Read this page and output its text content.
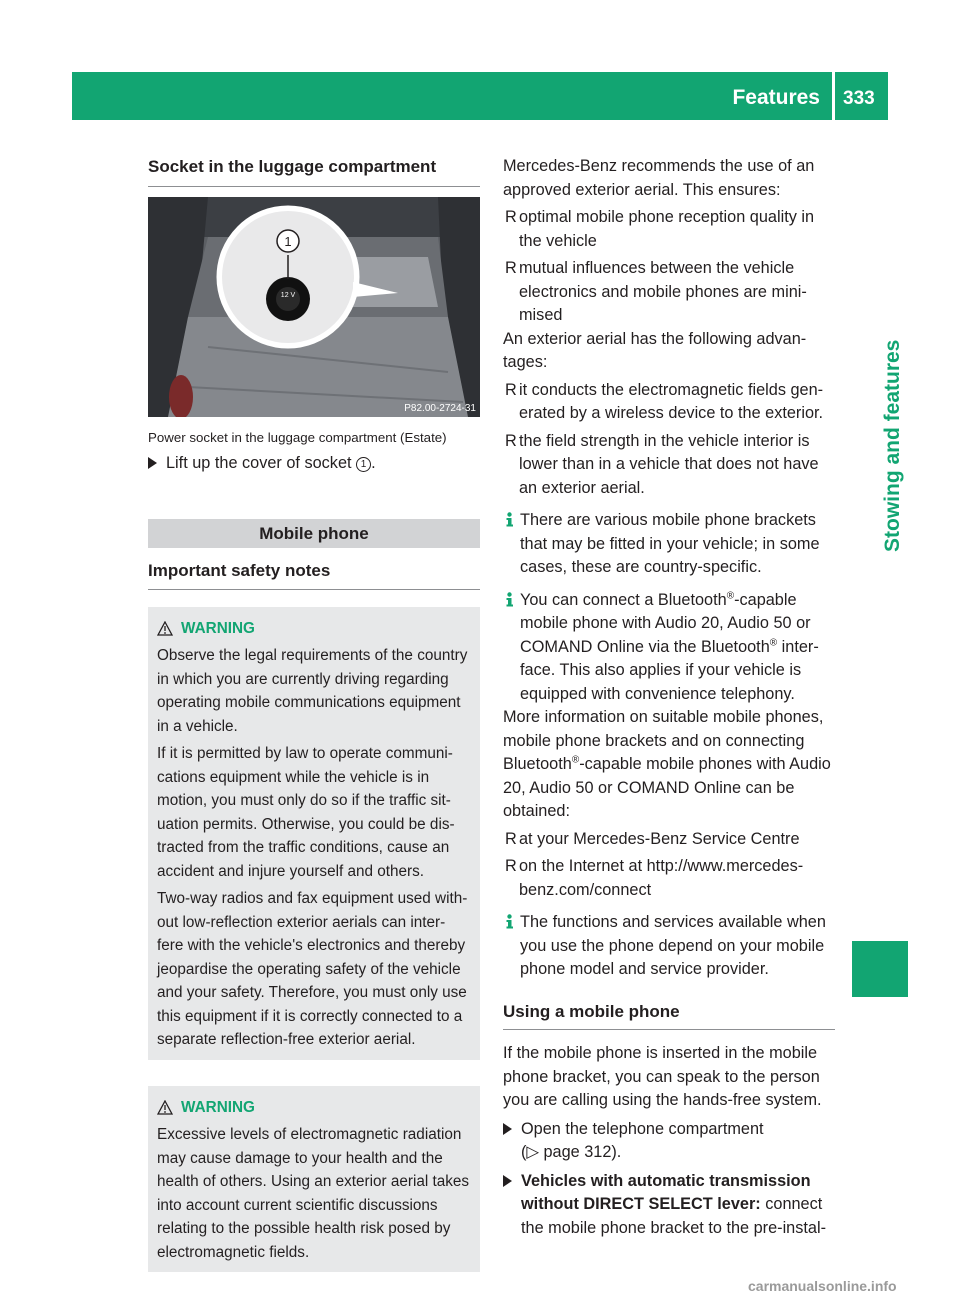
Features 333
Stowing and features
Socket in the luggage compartment
1
12 V
P82.00-2724-31
Power socket in the luggage compartment (Estate)
Lift up the cover of socket 1 .
Mobile phone
Important safety notes
WARNING

Observe the legal requirements of the country in which you are currently driving regarding operating mobile communications equipment in a vehicle.

If it is permitted by law to operate communi- cations equipment while the vehicle is in motion, you must only do so if the traffic sit- uation permits. Otherwise, you could be dis- tracted from the traffic conditions, cause an accident and injure yourself and others.

Two-way radios and fax equipment used with- out low-reflection exterior aerials can inter- fere with the vehicle's electronics and thereby jeopardise the operating safety of the vehicle and your safety. Therefore, you must only use this equipment if it is correctly connected to a separate reflection-free exterior aerial.

WARNING

Excessive levels of electromagnetic radiation may cause damage to your health and the health of others. Using an exterior aerial takes into account current scientific discussions relating to the possible health risk posed by electromagnetic fields.

Mercedes-Benz recommends the use of an approved exterior aerial. This ensures:

R optimal mobile phone reception quality in the vehicle
R mutual influences between the vehicle electronics and mobile phones are mini- mised

An exterior aerial has the following advan- tages:

R it conducts the electromagnetic fields gen- erated by a wireless device to the exterior.
R the field strength in the vehicle interior is lower than in a vehicle that does not have an exterior aerial.
There are various mobile phone brackets that may be fitted in your vehicle; in some cases, these are country-specific.
You can connect a Bluetooth®-capable mobile phone with Audio 20, Audio 50 or COMAND Online via the Bluetooth® inter- face. This also applies if your vehicle is equipped with convenience telephony.

More information on suitable mobile phones, mobile phone brackets and on connecting Bluetooth®-capable mobile phones with Audio 20, Audio 50 or COMAND Online can be obtained:

R at your Mercedes-Benz Service Centre
R on the Internet at http://www.mercedes- benz.com/connect
The functions and services available when you use the phone depend on your mobile phone model and service provider.
Using a mobile phone

If the mobile phone is inserted in the mobile phone bracket, you can speak to the person you are calling using the hands-free system.

Open the telephone compartment
(▷ page 312).
Vehicles with automatic transmission without DIRECT SELECT lever: connect the mobile phone bracket to the pre-instal-
carmanualsonline.info
